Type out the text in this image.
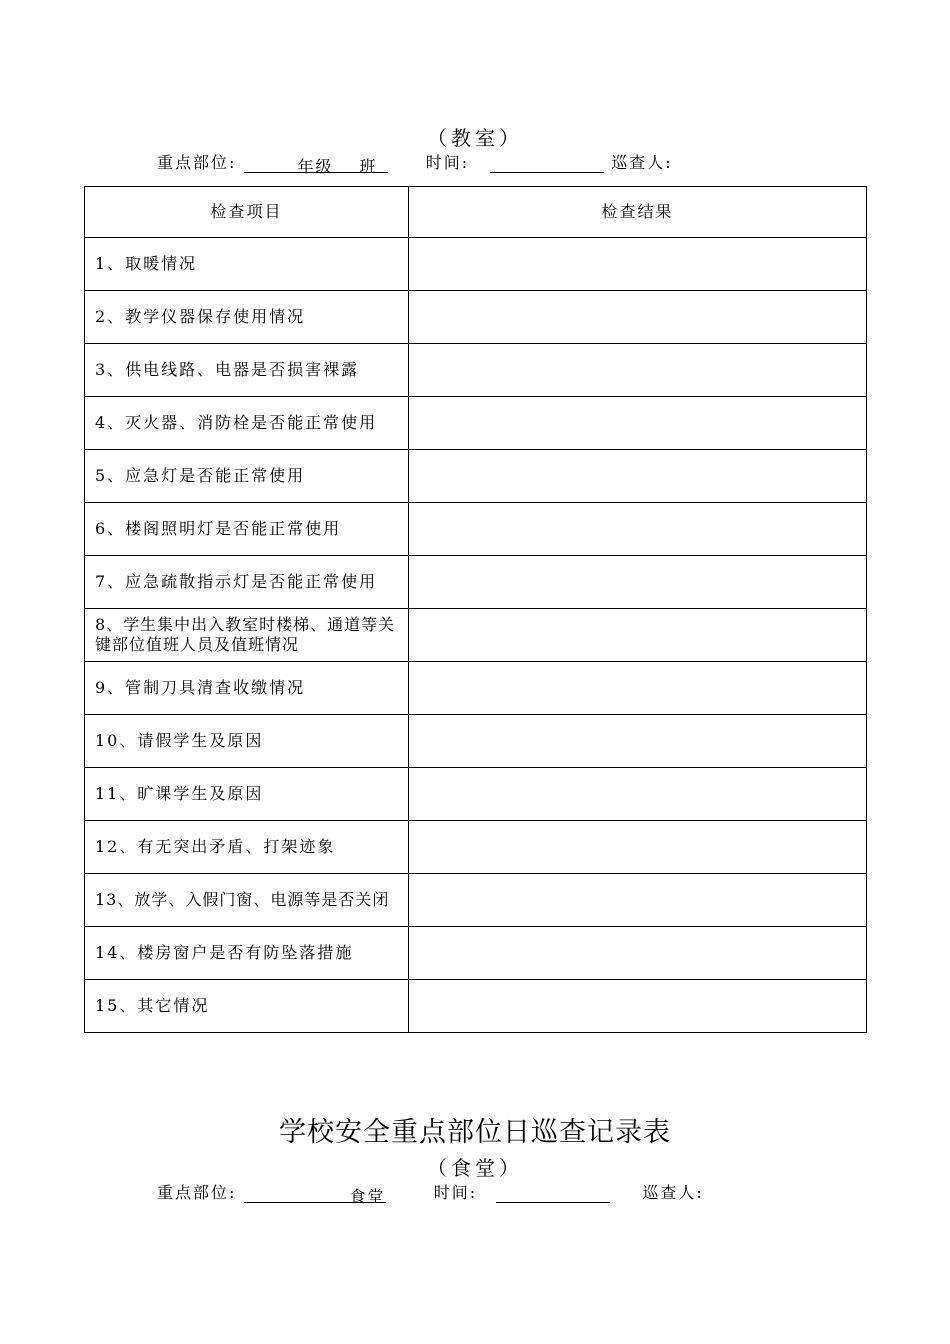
（教室）
重点部位:	年级 班	时间:	巡查人:
检查项目	检查结果
1、取暖情况	
2、教学仪器保存使用情况	
3、供电线路、电器是否损害裸露	
4、灭火器、消防栓是否能正常使用	
5、应急灯是否能正常使用	
6、楼阁照明灯是否能正常使用	
7、应急疏散指示灯是否能正常使用	
8、学生集中出入教室时楼梯、通道等关键部位值班人员及值班情况	
9、管制刀具清查收缴情况	
10、请假学生及原因	
11、旷课学生及原因	
12、有无突出矛盾、打架迹象	
13、放学、入假门窗、电源等是否关闭	
14、楼房窗户是否有防坠落措施	
15、其它情况	
学校安全重点部位日巡查记录表
（食堂）
重点部位:	食堂	时间:	巡查人:
